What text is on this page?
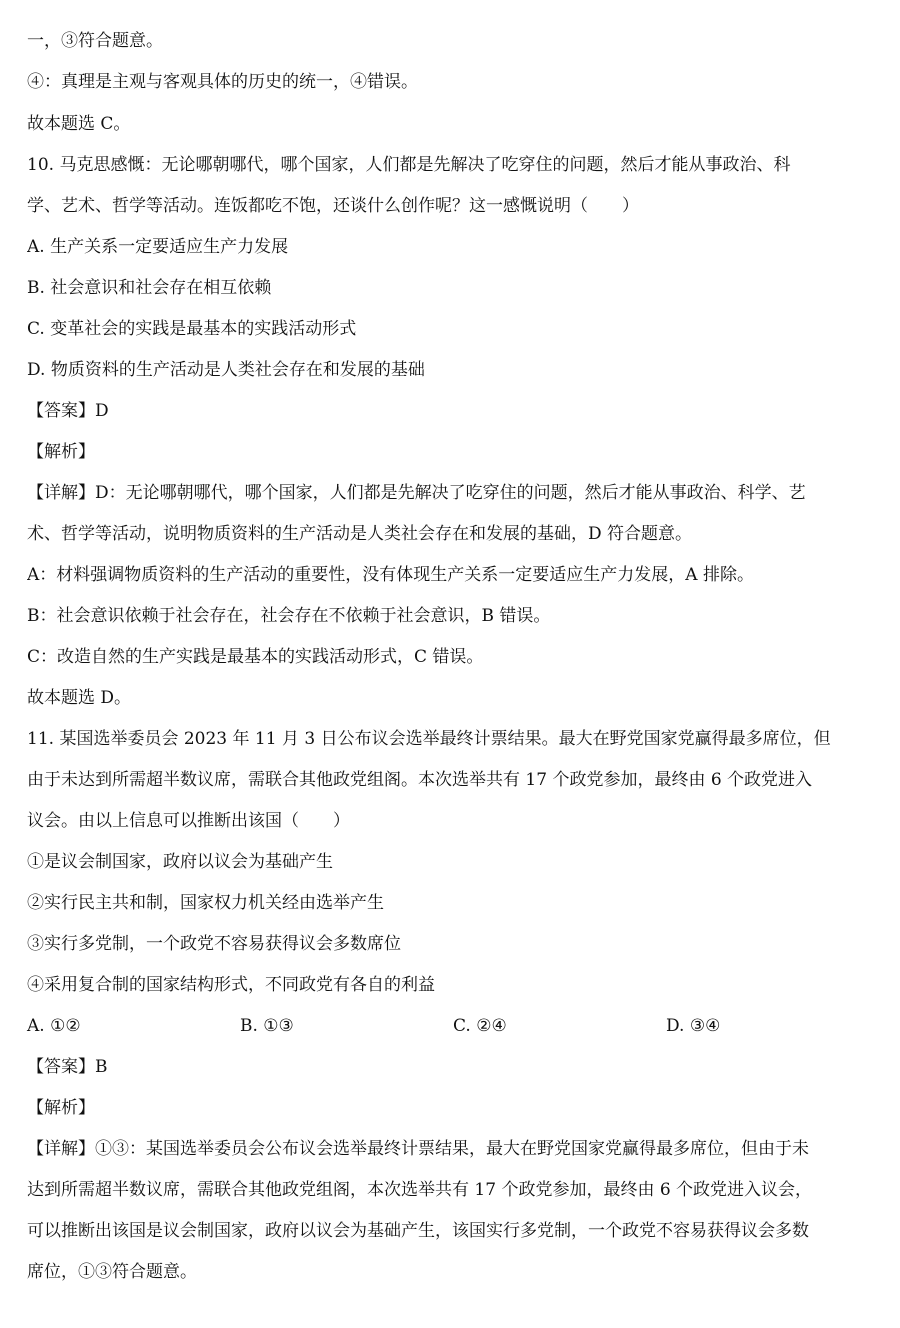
一，③符合题意。
④：真理是主观与客观具体的历史的统一，④错误。
故本题选 C。
10. 马克思感慨：无论哪朝哪代，哪个国家，人们都是先解决了吃穿住的问题，然后才能从事政治、科
学、艺术、哲学等活动。连饭都吃不饱，还谈什么创作呢？这一感慨说明（　　）
A. 生产关系一定要适应生产力发展
B. 社会意识和社会存在相互依赖
C. 变革社会的实践是最基本的实践活动形式
D. 物质资料的生产活动是人类社会存在和发展的基础
【答案】D
【解析】
【详解】D：无论哪朝哪代，哪个国家，人们都是先解决了吃穿住的问题，然后才能从事政治、科学、艺
术、哲学等活动，说明物质资料的生产活动是人类社会存在和发展的基础，D 符合题意。
A：材料强调物质资料的生产活动的重要性，没有体现生产关系一定要适应生产力发展，A 排除。
B：社会意识依赖于社会存在，社会存在不依赖于社会意识，B 错误。
C：改造自然的生产实践是最基本的实践活动形式，C 错误。
故本题选 D。
11. 某国选举委员会 2023 年 11 月 3 日公布议会选举最终计票结果。最大在野党国家党赢得最多席位，但
由于未达到所需超半数议席，需联合其他政党组阁。本次选举共有 17 个政党参加，最终由 6 个政党进入
议会。由以上信息可以推断出该国（　　）
①是议会制国家，政府以议会为基础产生
②实行民主共和制，国家权力机关经由选举产生
③实行多党制，一个政党不容易获得议会多数席位
④采用复合制的国家结构形式，不同政党有各自的利益
A. ①②	B. ①③	C. ②④	D. ③④
【答案】B
【解析】
【详解】①③：某国选举委员会公布议会选举最终计票结果，最大在野党国家党赢得最多席位，但由于未
达到所需超半数议席，需联合其他政党组阁，本次选举共有 17 个政党参加，最终由 6 个政党进入议会，
可以推断出该国是议会制国家，政府以议会为基础产生，该国实行多党制，一个政党不容易获得议会多数
席位，①③符合题意。
